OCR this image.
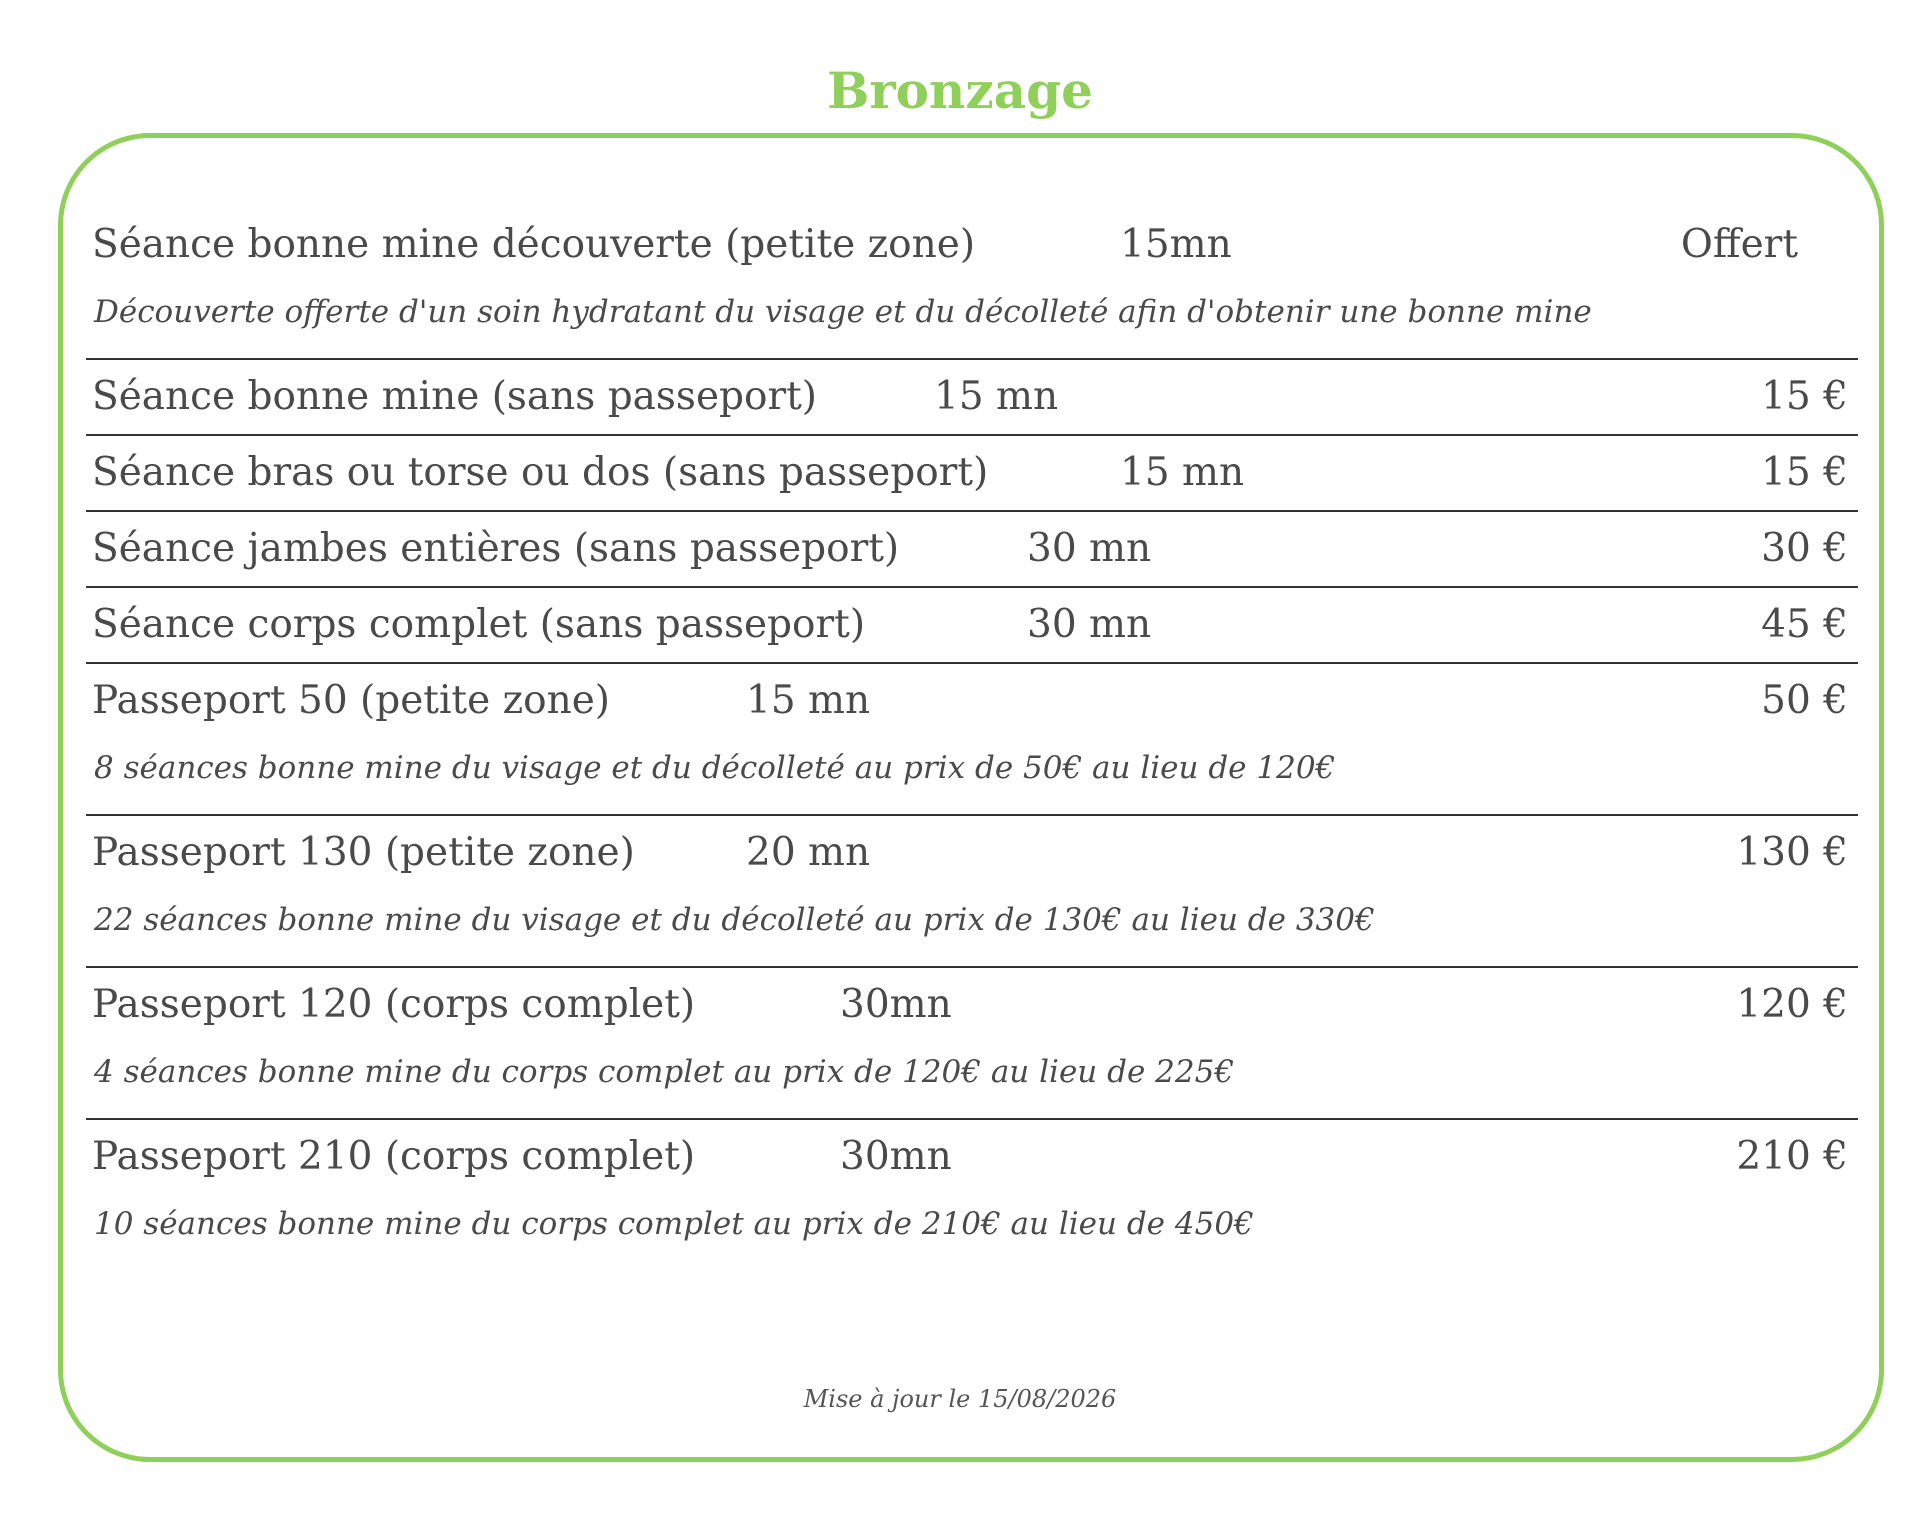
Bronzage
Séance bonne mine découverte (petite zone)	15mn	Offert
Découverte offerte d'un soin hydratant du visage et du décolleté afin d'obtenir une bonne mine
Séance bonne mine (sans passeport)	15 mn	15 €
Séance bras ou torse ou dos (sans passeport)	15 mn	15 €
Séance jambes entières (sans passeport)	30 mn	30 €
Séance corps complet (sans passeport)	30 mn	45 €
Passeport 50 (petite zone)	15 mn	50 €
8 séances bonne mine du visage et du décolleté au prix de 50€ au lieu de 120€
Passeport 130 (petite zone)	20 mn	130 €
22 séances bonne mine du visage et du décolleté au prix de 130€ au lieu de 330€
Passeport 120 (corps complet)	30mn	120 €
4 séances bonne mine du corps complet au prix de 120€ au lieu de 225€
Passeport 210 (corps complet)	30mn	210 €
10 séances bonne mine du corps complet au prix de 210€ au lieu de 450€
Mise à jour le 15/08/2026
